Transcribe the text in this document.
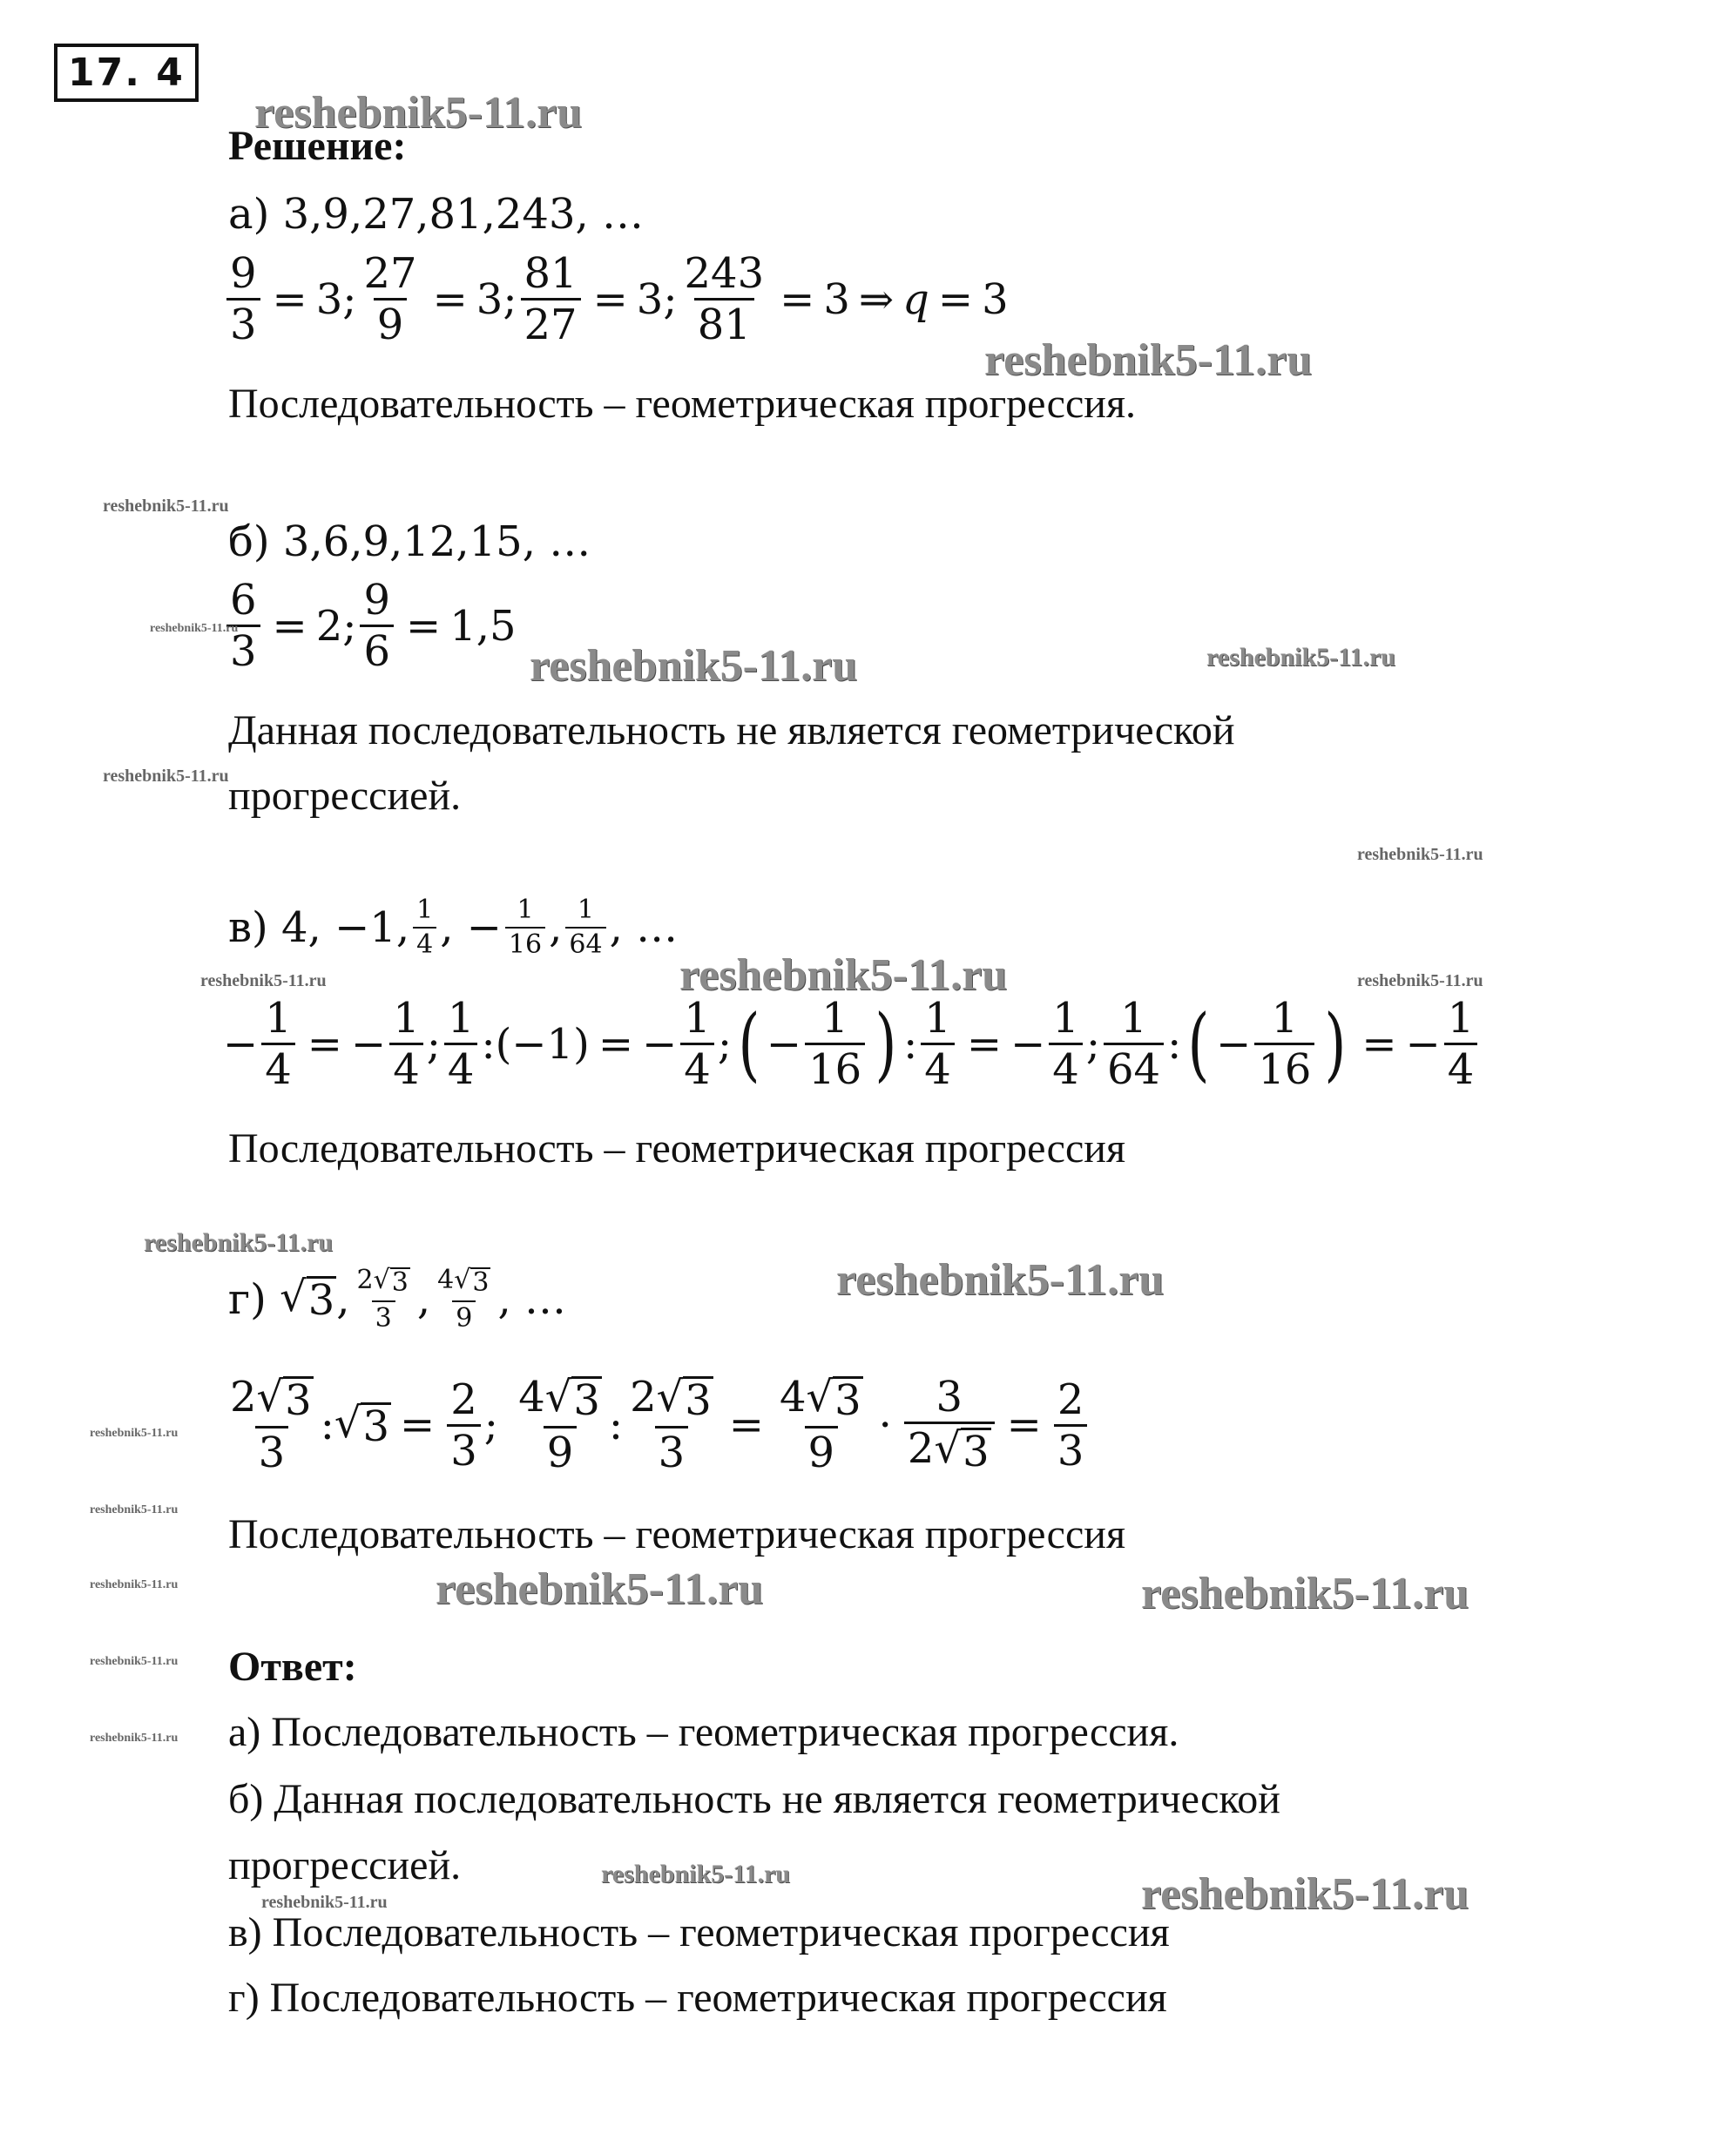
17. 4
Решение:
а)
3,9,27,81,243, …
$\frac{9}{3} = 3$; $\frac{27}{9} = 3$; $\frac{81}{27} = 3$; $\frac{243}{81} = 3$ ⇒ q = 3
Последовательность – геометрическая прогрессия.
б)
3,6,9,12,15, …
$\frac{6}{3} = 2$; $\frac{9}{6} = 1,5$
Данная последовательность не является геометрической
прогрессией.
в)
4, −1, $\frac{1}{4}$ , − $\frac{1}{16}$ , $\frac{1}{64}$ , …
− $\frac{1}{4}$ = − $\frac{1}{4}$ ; $\frac{1}{4}$ :(−1) = − $\frac{1}{4}$ ; ( − $\frac{1}{16}$ ) : $\frac{1}{4}$ = − $\frac{1}{4}$ ; $\frac{1}{64}$ : ( − $\frac{1}{16}$ ) = − $\frac{1}{4}$
Последовательность – геометрическая прогрессия
г)
√ 3 , $\frac{2 √ 3}{3}$ , $\frac{4 √ 3}{9}$ , …
$\frac{2 √ 3}{3}$ : √ $3 = \frac{2}{3}$ ; $\frac{4 √ 3}{9}$ : $\frac{2 √ 3}{3} = \frac{4 √ 3}{9} \cdot \frac{3}{2 √ 3} = \frac{2}{3}$
Последовательность – геометрическая прогрессия
Ответ:
а) Последовательность – геометрическая прогрессия.
б) Данная последовательность не является геометрической
прогрессией.
в) Последовательность – геометрическая прогрессия
г) Последовательность – геометрическая прогрессия
reshebnik5-11.ru
reshebnik5-11.ru
reshebnik5-11.ru
reshebnik5-11.ru
reshebnik5-11.ru	reshebnik5-11.ru
reshebnik5-11.ru
reshebnik5-11.ru
reshebnik5-11.ru	reshebnik5-11.ru	reshebnik5-11.ru
reshebnik5-11.ru
reshebnik5-11.ru
reshebnik5-11.ru
reshebnik5-11.ru
reshebnik5-11.ru	reshebnik5-11.ru	reshebnik5-11.ru
reshebnik5-11.ru
reshebnik5-11.ru
reshebnik5-11.ru	reshebnik5-11.ru
reshebnik5-11.ru
